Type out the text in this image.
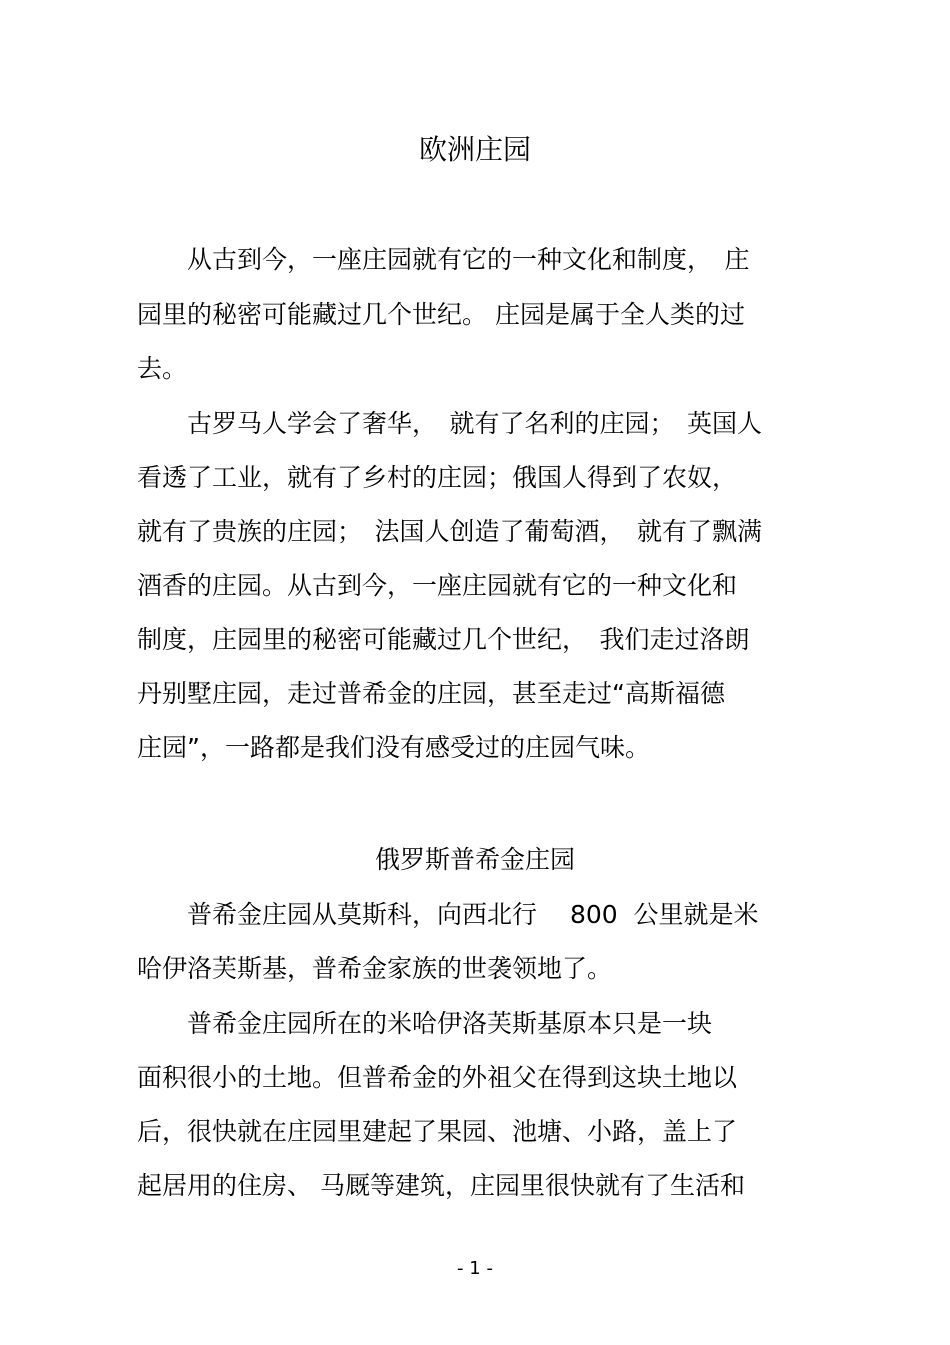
欧洲庄园
　　从古到今，一座庄园就有它的一种文化和制度，　庄
园里的秘密可能藏过几个世纪。 庄园是属于全人类的过
去。
　　古罗马人学会了奢华，　就有了名利的庄园；　英国人
看透了工业，就有了乡村的庄园；俄国人得到了农奴，
就有了贵族的庄园；　法国人创造了葡萄酒，　就有了飘满
酒香的庄园。从古到今，一座庄园就有它的一种文化和
制度，庄园里的秘密可能藏过几个世纪，　我们走过洛朗
丹别墅庄园，走过普希金的庄园，甚至走过“高斯福德
庄园”，一路都是我们没有感受过的庄园气味。
俄罗斯普希金庄园
　　普希金庄园从莫斯科，向西北行　 800  公里就是米
哈伊洛芙斯基，普希金家族的世袭领地了。
　　普希金庄园所在的米哈伊洛芙斯基原本只是一块
面积很小的土地。但普希金的外祖父在得到这块土地以
后，很快就在庄园里建起了果园、池塘、小路，盖上了
起居用的住房、 马厩等建筑，庄园里很快就有了生活和
- 1 -
